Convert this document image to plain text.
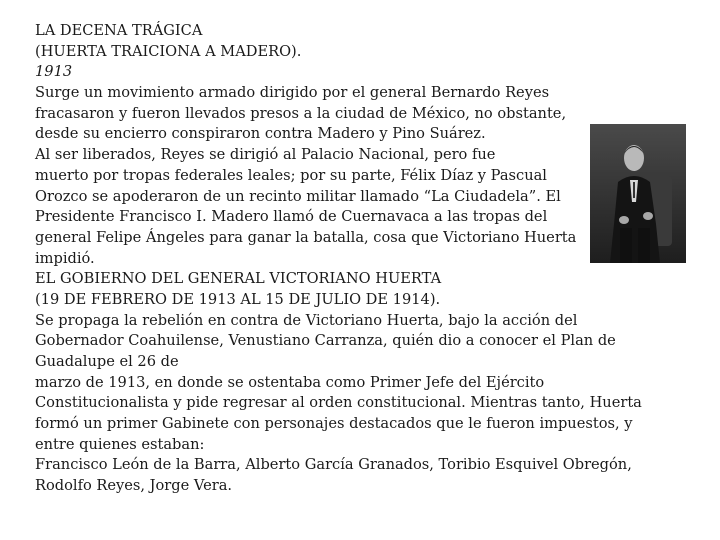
LA DECENA TRÁGICA
(HUERTA TRAICIONA A MADERO).
1913
Surge un movimiento armado dirigido por el general Bernardo Reyes
fracasaron y fueron llevados presos a la ciudad de México, no obstante,
desde su encierro conspiraron contra Madero y Pino Suárez.
Al ser liberados, Reyes se dirigió al Palacio Nacional, pero fue
muerto por tropas federales leales; por su parte, Félix Díaz y Pascual
Orozco se apoderaron de un recinto militar llamado “La Ciudadela”. El
Presidente Francisco I. Madero llamó de Cuernavaca a las tropas del
general Felipe Ángeles para ganar la batalla, cosa que Victoriano Huerta
impidió.
EL GOBIERNO DEL GENERAL VICTORIANO HUERTA
(19 DE FEBRERO DE 1913 AL 15 DE JULIO DE 1914).
Se propaga la rebelión en contra de Victoriano Huerta, bajo la acción del
Gobernador Coahuilense, Venustiano Carranza, quién dio a conocer el Plan de
Guadalupe el 26 de
marzo de 1913, en donde se ostentaba como Primer Jefe del Ejército
Constitucionalista y pide regresar al orden constitucional. Mientras tanto, Huerta
formó un primer Gabinete con personajes destacados que le fueron impuestos, y
entre quienes estaban:
Francisco León de la Barra, Alberto García Granados, Toribio Esquivel Obregón,
Rodolfo Reyes, Jorge Vera.
